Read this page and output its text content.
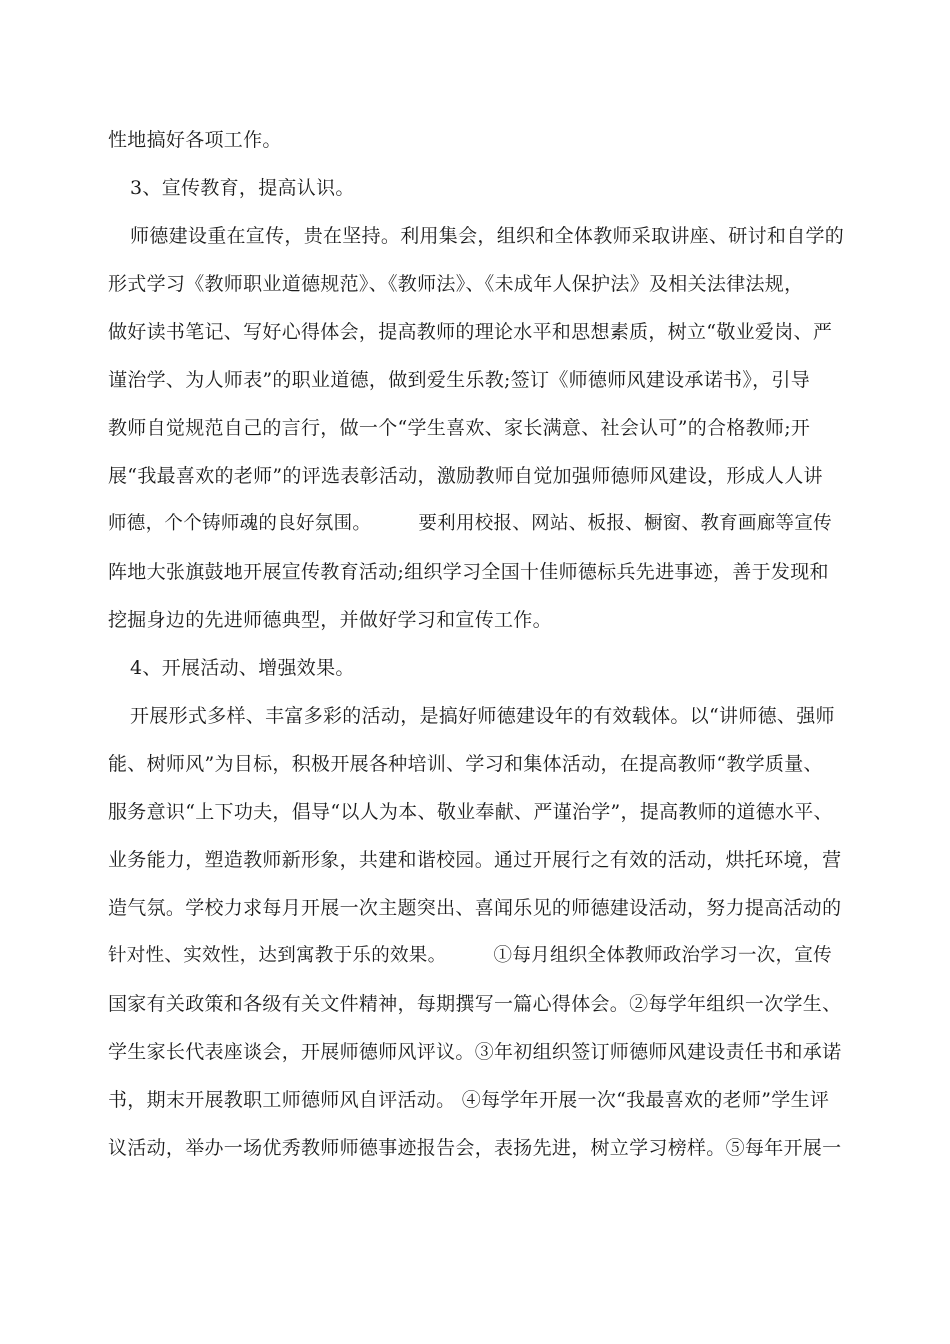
性地搞好各项工作。
3、宣传教育，提高认识。
师德建设重在宣传，贵在坚持。利用集会，组织和全体教师采取讲座、研讨和自学的
形式学习《教师职业道德规范》、《教师法》、《未成年人保护法》及相关法律法规，
做好读书笔记、写好心得体会，提高教师的理论水平和思想素质，树立“敬业爱岗、严
谨治学、为人师表”的职业道德，做到爱生乐教;签订《师德师风建设承诺书》，引导
教师自觉规范自己的言行，做一个“学生喜欢、家长满意、社会认可”的合格教师;开
展“我最喜欢的老师”的评选表彰活动，激励教师自觉加强师德师风建设，形成人人讲
师德，个个铸师魂的良好氛围。　　　要利用校报、网站、板报、橱窗、教育画廊等宣传
阵地大张旗鼓地开展宣传教育活动;组织学习全国十佳师德标兵先进事迹，善于发现和
挖掘身边的先进师德典型，并做好学习和宣传工作。
4、开展活动、增强效果。
开展形式多样、丰富多彩的活动，是搞好师德建设年的有效载体。以“讲师德、强师
能、树师风”为目标，积极开展各种培训、学习和集体活动，在提高教师“教学质量、
服务意识“上下功夫，倡导“以人为本、敬业奉献、严谨治学”，提高教师的道德水平、
业务能力，塑造教师新形象，共建和谐校园。通过开展行之有效的活动，烘托环境，营
造气氛。学校力求每月开展一次主题突出、喜闻乐见的师德建设活动，努力提高活动的
针对性、实效性，达到寓教于乐的效果。　　　①每月组织全体教师政治学习一次，宣传
国家有关政策和各级有关文件精神，每期撰写一篇心得体会。②每学年组织一次学生、
学生家长代表座谈会，开展师德师风评议。③年初组织签订师德师风建设责任书和承诺
书，期末开展教职工师德师风自评活动。 ④每学年开展一次“我最喜欢的老师”学生评
议活动，举办一场优秀教师师德事迹报告会，表扬先进，树立学习榜样。⑤每年开展一
